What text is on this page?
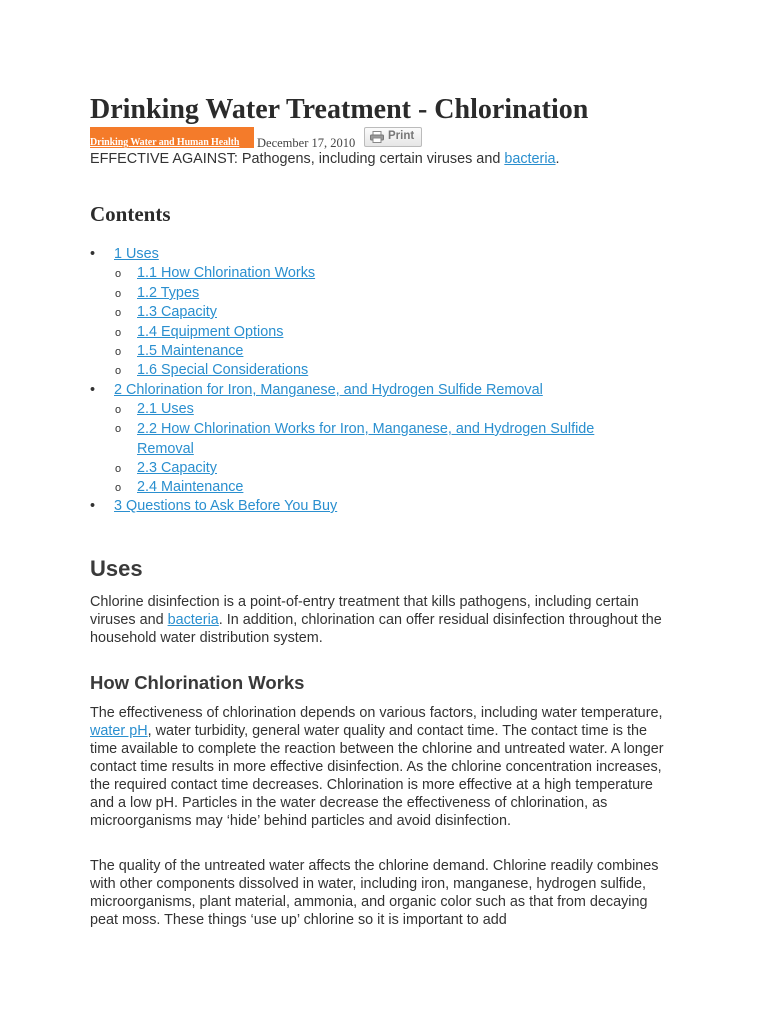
Drinking Water Treatment - Chlorination
Drinking Water and Human Health	December 17, 2010	Print
EFFECTIVE AGAINST: Pathogens, including certain viruses and bacteria.
Contents
• 1 Uses
o 1.1 How Chlorination Works
o 1.2 Types
o 1.3 Capacity
o 1.4 Equipment Options
o 1.5 Maintenance
o 1.6 Special Considerations
• 2 Chlorination for Iron, Manganese, and Hydrogen Sulfide Removal
o 2.1 Uses
o 2.2 How Chlorination Works for Iron, Manganese, and Hydrogen Sulfide Removal
o 2.3 Capacity
o 2.4 Maintenance
• 3 Questions to Ask Before You Buy
Uses

Chlorine disinfection is a point-of-entry treatment that kills pathogens, including certain viruses and bacteria. In addition, chlorination can offer residual disinfection throughout the household water distribution system.

How Chlorination Works

The effectiveness of chlorination depends on various factors, including water temperature, water pH, water turbidity, general water quality and contact time. The contact time is the time available to complete the reaction between the chlorine and untreated water. A longer contact time results in more effective disinfection. As the chlorine concentration increases, the required contact time decreases. Chlorination is more effective at a high temperature and a low pH. Particles in the water decrease the effectiveness of chlorination, as microorganisms may ‘hide’ behind particles and avoid disinfection.

The quality of the untreated water affects the chlorine demand. Chlorine readily combines with other components dissolved in water, including iron, manganese, hydrogen sulfide, microorganisms, plant material, ammonia, and organic color such as that from decaying peat moss. These things ‘use up’ chlorine so it is important to add
